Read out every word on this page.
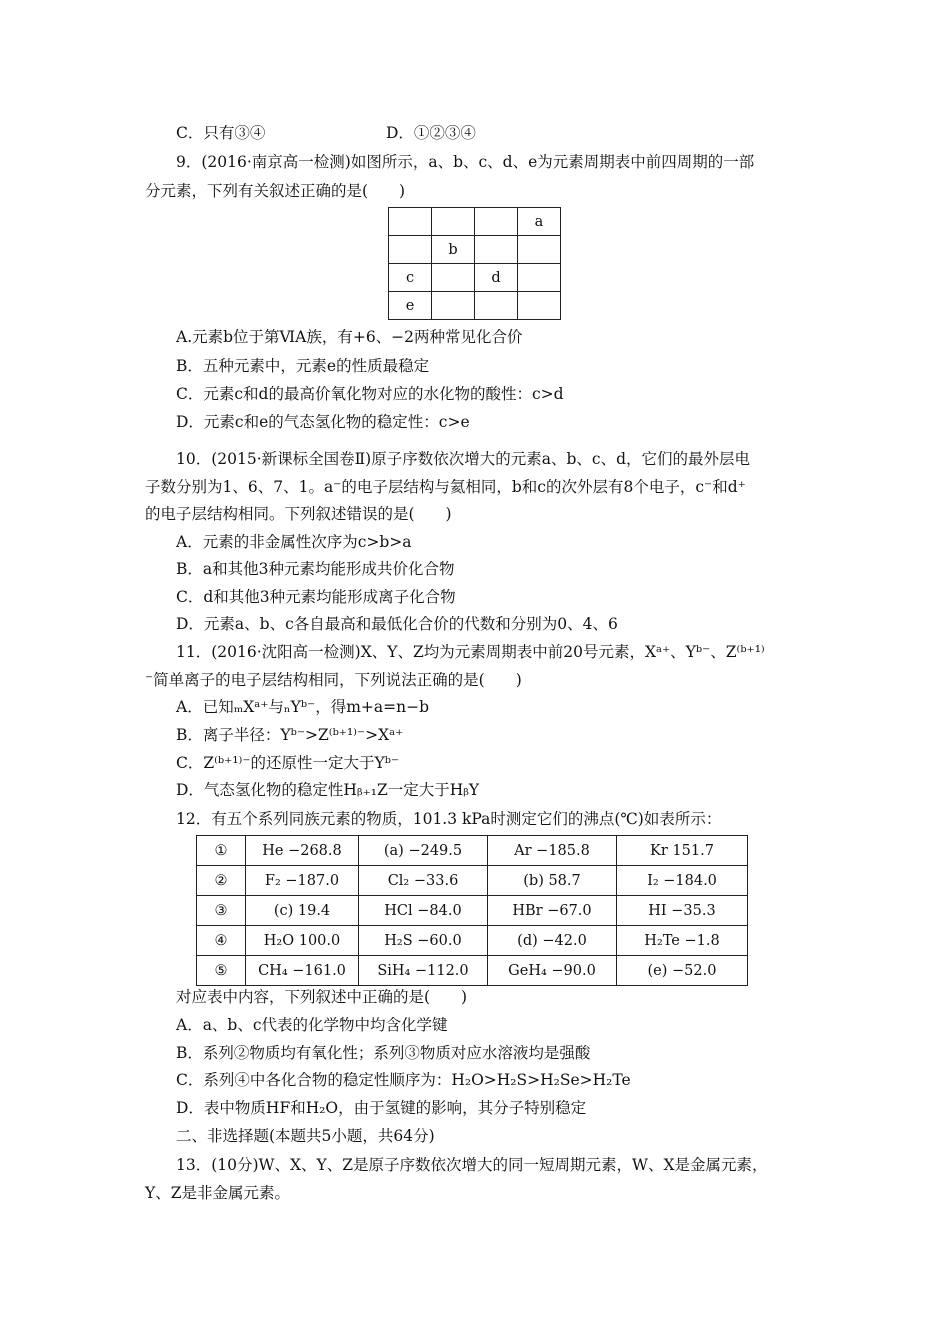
C．只有③④	D．①②③④
9．(2016·南京高一检测)如图所示，a、b、c、d、e为元素周期表中前四周期的一部
分元素，下列有关叙述正确的是(　　)
			a
	b		
c		d	
e			
A.元素b位于第ⅥA族，有+6、−2两种常见化合价
B．五种元素中，元素e的性质最稳定
C．元素c和d的最高价氧化物对应的水化物的酸性：c>d
D．元素c和e的气态氢化物的稳定性：c>e
10．(2015·新课标全国卷Ⅱ)原子序数依次增大的元素a、b、c、d，它们的最外层电
子数分别为1、6、7、1。a⁻的电子层结构与氦相同，b和c的次外层有8个电子，c⁻和d⁺
的电子层结构相同。下列叙述错误的是(　　)
A．元素的非金属性次序为c>b>a
B．a和其他3种元素均能形成共价化合物
C．d和其他3种元素均能形成离子化合物
D．元素a、b、c各自最高和最低化合价的代数和分别为0、4、6
11．(2016·沈阳高一检测)X、Y、Z均为元素周期表中前20号元素，Xᵃ⁺、Yᵇ⁻、Z⁽ᵇ⁺¹⁾
⁻简单离子的电子层结构相同，下列说法正确的是(　　)
A．已知ₘXᵃ⁺与ₙYᵇ⁻，得m+a=n−b
B．离子半径：Yᵇ⁻>Z⁽ᵇ⁺¹⁾⁻>Xᵃ⁺
C．Z⁽ᵇ⁺¹⁾⁻的还原性一定大于Yᵇ⁻
D．气态氢化物的稳定性Hᵦ₊₁Z一定大于HᵦY
12．有五个系列同族元素的物质，101.3 kPa时测定它们的沸点(℃)如表所示：
①	He −268.8	(a) −249.5	Ar −185.8	Kr 151.7
②	F₂ −187.0	Cl₂ −33.6	(b) 58.7	I₂ −184.0
③	(c) 19.4	HCl −84.0	HBr −67.0	HI −35.3
④	H₂O 100.0	H₂S −60.0	(d) −42.0	H₂Te −1.8
⑤	CH₄ −161.0	SiH₄ −112.0	GeH₄ −90.0	(e) −52.0
对应表中内容，下列叙述中正确的是(　　)
A．a、b、c代表的化学物中均含化学键
B．系列②物质均有氧化性；系列③物质对应水溶液均是强酸
C．系列④中各化合物的稳定性顺序为：H₂O>H₂S>H₂Se>H₂Te
D．表中物质HF和H₂O，由于氢键的影响，其分子特别稳定
二、非选择题(本题共5小题，共64分)
13．(10分)W、X、Y、Z是原子序数依次增大的同一短周期元素，W、X是金属元素，
Y、Z是非金属元素。
